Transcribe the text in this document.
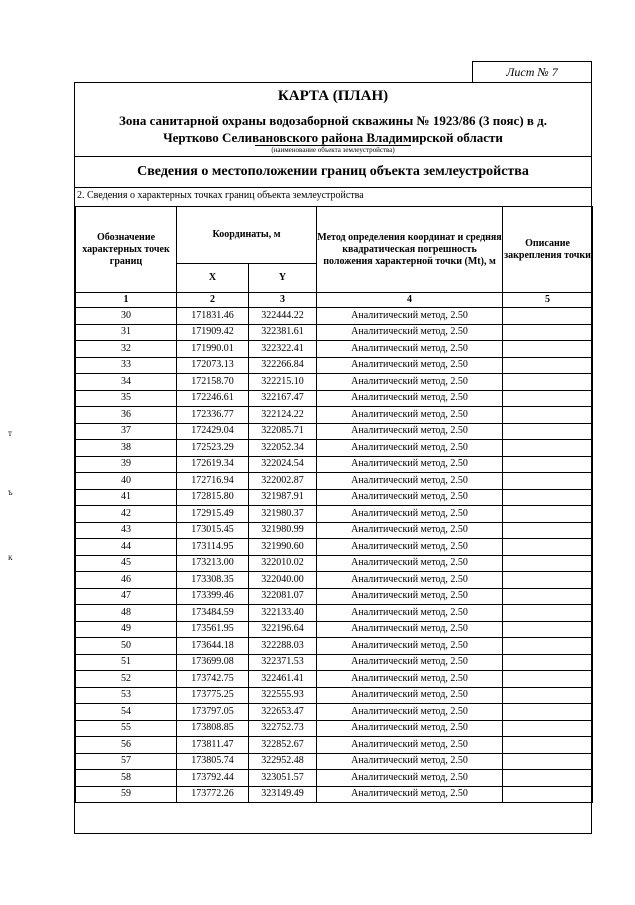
Лист № 7
КАРТА (ПЛАН)
Зона санитарной охраны водозаборной скважины № 1923/86 (3 пояс) в д.
Чертково Селивановского района Владимирской области
(наименование объекта землеустройства)
Сведения о местоположении границ объекта землеустройства
2. Сведения о характерных точках границ объекта землеустройства
Обозначение характерных точек границ	Координаты, м		Метод определения координат и средняя квадратическая погрешность положения характерной точки (Mt), м	Описание закрепления точки
	X	Y		
1	2	3	4	5
30	171831.46	322444.22	Аналитический метод, 2.50	
31	171909.42	322381.61	Аналитический метод, 2.50	
32	171990.01	322322.41	Аналитический метод, 2.50	
33	172073.13	322266.84	Аналитический метод, 2.50	
34	172158.70	322215.10	Аналитический метод, 2.50	
35	172246.61	322167.47	Аналитический метод, 2.50	
36	172336.77	322124.22	Аналитический метод, 2.50	
37	172429.04	322085.71	Аналитический метод, 2.50	
38	172523.29	322052.34	Аналитический метод, 2.50	
39	172619.34	322024.54	Аналитический метод, 2.50	
40	172716.94	322002.87	Аналитический метод, 2.50	
41	172815.80	321987.91	Аналитический метод, 2.50	
42	172915.49	321980.37	Аналитический метод, 2.50	
43	173015.45	321980.99	Аналитический метод, 2.50	
44	173114.95	321990.60	Аналитический метод, 2.50	
45	173213.00	322010.02	Аналитический метод, 2.50	
46	173308.35	322040.00	Аналитический метод, 2.50	
47	173399.46	322081.07	Аналитический метод, 2.50	
48	173484.59	322133.40	Аналитический метод, 2.50	
49	173561.95	322196.64	Аналитический метод, 2.50	
50	173644.18	322288.03	Аналитический метод, 2.50	
51	173699.08	322371.53	Аналитический метод, 2.50	
52	173742.75	322461.41	Аналитический метод, 2.50	
53	173775.25	322555.93	Аналитический метод, 2.50	
54	173797.05	322653.47	Аналитический метод, 2.50	
55	173808.85	322752.73	Аналитический метод, 2.50	
56	173811.47	322852.67	Аналитический метод, 2.50	
57	173805.74	322952.48	Аналитический метод, 2.50	
58	173792.44	323051.57	Аналитический метод, 2.50	
59	173772.26	323149.49	Аналитический метод, 2.50	
т
ъ
ĸ
